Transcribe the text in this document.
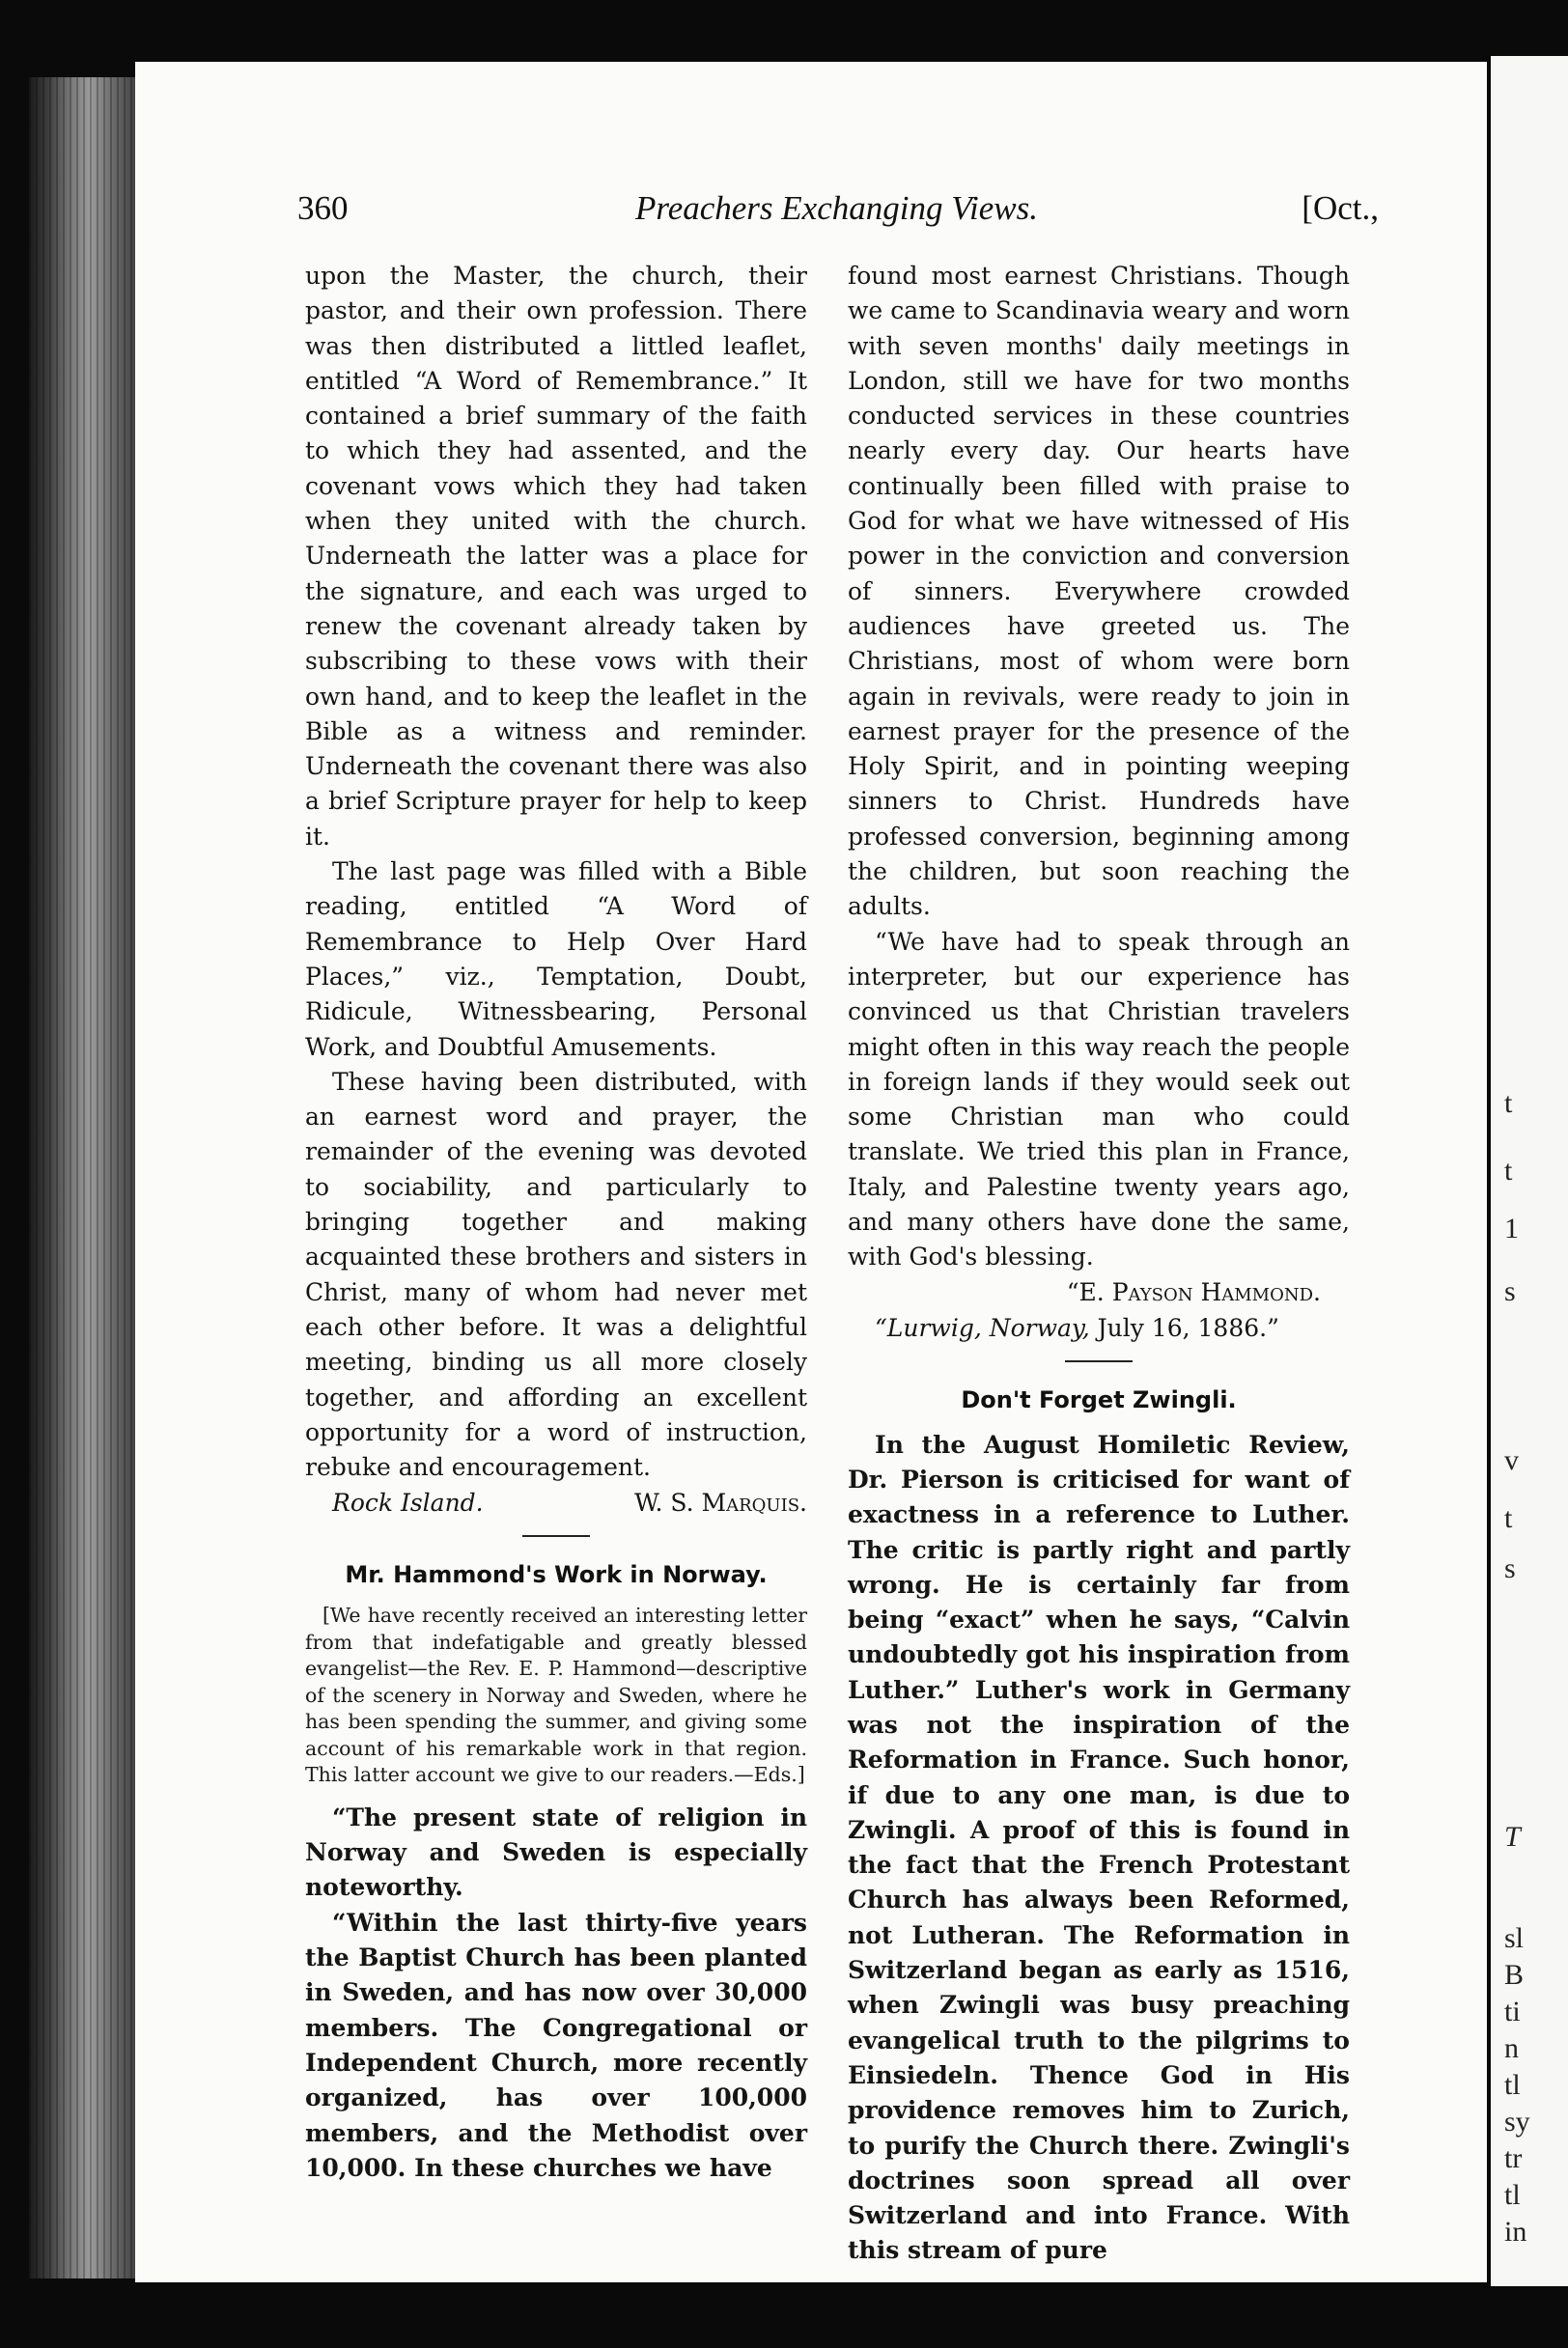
t
t
1
s
v
t
s
T
sl
B
ti
n
tl
sy
tr
tl
in
360	Preachers Exchanging Views.	[Oct.,

upon the Master, the church, their pastor, and their own profession. There was then distributed a littled leaflet, entitled “A Word of Remembrance.” It contained a brief summary of the faith to which they had assented, and the covenant vows which they had taken when they united with the church. Underneath the latter was a place for the signature, and each was urged to renew the covenant already taken by subscribing to these vows with their own hand, and to keep the leaflet in the Bible as a witness and reminder. Underneath the covenant there was also a brief Scripture prayer for help to keep it.

The last page was filled with a Bible reading, entitled “A Word of Remembrance to Help Over Hard Places,” viz., Temptation, Doubt, Ridicule, Witnessbearing, Personal Work, and Doubtful Amusements.

These having been distributed, with an earnest word and prayer, the remainder of the evening was devoted to sociability, and particularly to bringing together and making acquainted these brothers and sisters in Christ, many of whom had never met each other before. It was a delightful meeting, binding us all more closely together, and affording an excellent opportunity for a word of instruction, rebuke and encouragement.

Rock Island.	W. S. Marquis.
Mr. Hammond's Work in Norway.

[We have recently received an interesting letter from that indefatigable and greatly blessed evangelist—the Rev. E. P. Hammond—descriptive of the scenery in Norway and Sweden, where he has been spending the summer, and giving some account of his remarkable work in that region. This latter account we give to our readers.—Eds.]

“The present state of religion in Norway and Sweden is especially noteworthy.

“Within the last thirty-five years the Baptist Church has been planted in Sweden, and has now over 30,000 members. The Congregational or Independent Church, more recently organized, has over 100,000 members, and the Methodist over 10,000. In these churches we have

found most earnest Christians. Though we came to Scandinavia weary and worn with seven months' daily meetings in London, still we have for two months conducted services in these countries nearly every day. Our hearts have continually been filled with praise to God for what we have witnessed of His power in the conviction and conversion of sinners. Everywhere crowded audiences have greeted us. The Christians, most of whom were born again in revivals, were ready to join in earnest prayer for the presence of the Holy Spirit, and in pointing weeping sinners to Christ. Hundreds have professed conversion, beginning among the children, but soon reaching the adults.

“We have had to speak through an interpreter, but our experience has convinced us that Christian travelers might often in this way reach the people in foreign lands if they would seek out some Christian man who could translate. We tried this plan in France, Italy, and Palestine twenty years ago, and many others have done the same, with God's blessing.

“E. Payson Hammond.
“Lurwig, Norway, July 16, 1886.”
Don't Forget Zwingli.

In the August Homiletic Review, Dr. Pierson is criticised for want of exactness in a reference to Luther. The critic is partly right and partly wrong. He is certainly far from being “exact” when he says, “Calvin undoubtedly got his inspiration from Luther.” Luther's work in Germany was not the inspiration of the Reformation in France. Such honor, if due to any one man, is due to Zwingli. A proof of this is found in the fact that the French Protestant Church has always been Reformed, not Lutheran. The Reformation in Switzerland began as early as 1516, when Zwingli was busy preaching evangelical truth to the pilgrims to Einsiedeln. Thence God in His providence removes him to Zurich, to purify the Church there. Zwingli's doctrines soon spread all over Switzerland and into France. With this stream of pure
